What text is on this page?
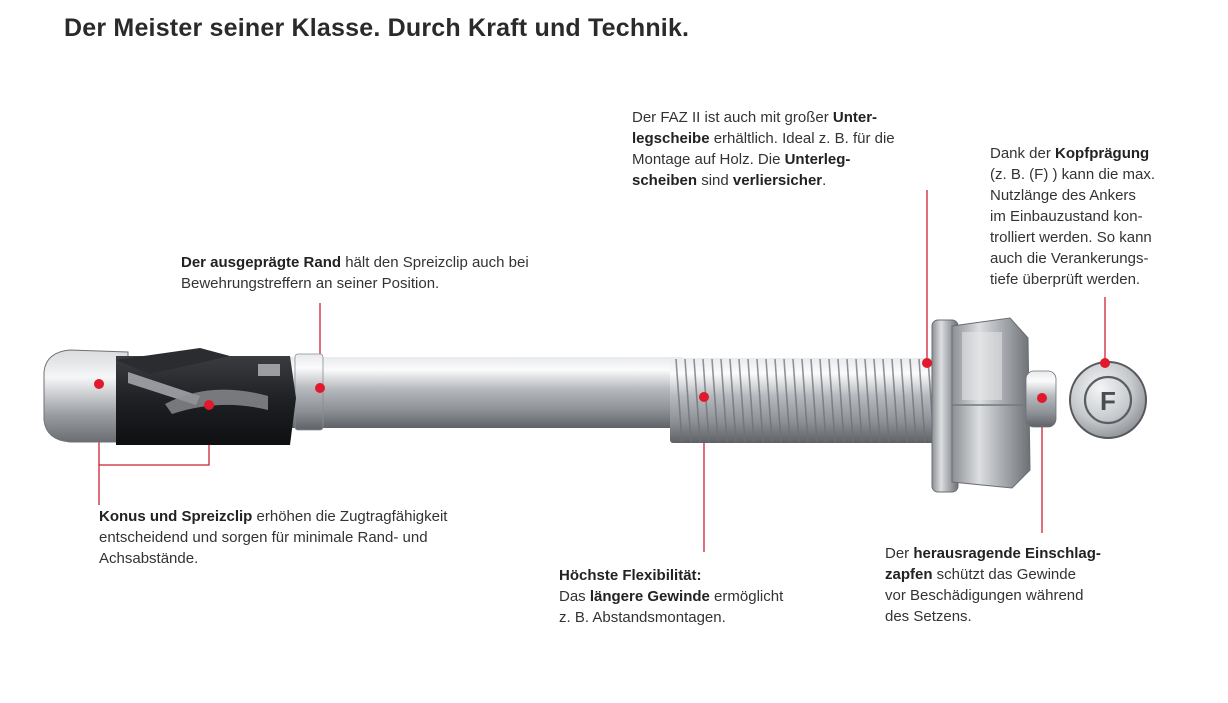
Der Meister seiner Klasse. Durch Kraft und Technik.
F

Der ausgeprägte Rand hält den Spreizclip auch bei

Bewehrungstreffern an seiner Position.

Konus und Spreizclip erhöhen die Zugtragfähigkeit

entscheidend und sorgen für minimale Rand- und

Achsabstände.

Höchste Flexibilität:

Das längere Gewinde ermöglicht

z. B. Abstandsmontagen.

Der FAZ II ist auch mit großer Unter-

legscheibe erhältlich. Ideal z. B. für die

Montage auf Holz. Die Unterleg-

scheiben sind verliersicher.

Dank der Kopfprägung

(z. B. (F) ) kann die max.

Nutzlänge des Ankers

im Einbauzustand kon-

trolliert werden. So kann

auch die Verankerungs-

tiefe überprüft werden.

Der herausragende Einschlag-

zapfen schützt das Gewinde

vor Beschädigungen während

des Setzens.
